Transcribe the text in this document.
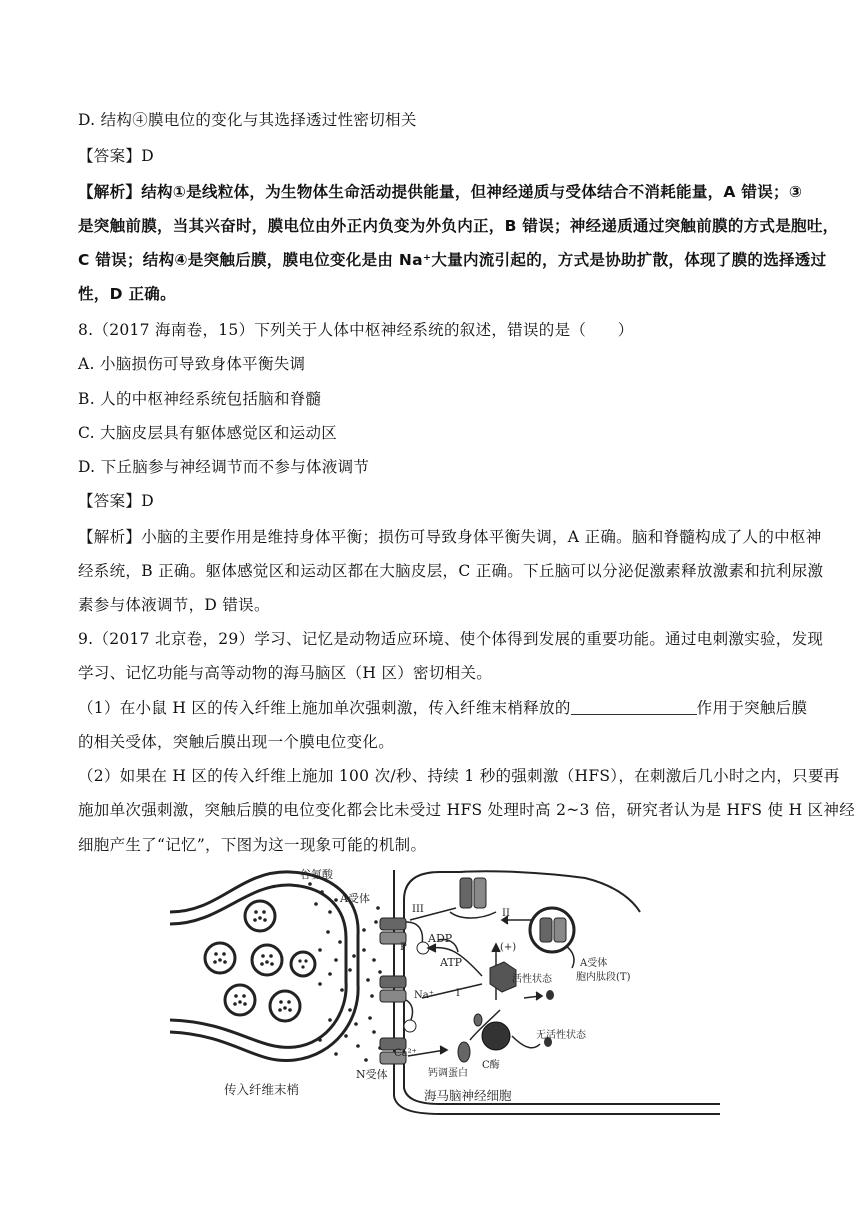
D. 结构④膜电位的变化与其选择透过性密切相关
【答案】D
【解析】结构①是线粒体，为生物体生命活动提供能量，但神经递质与受体结合不消耗能量，A 错误；③
是突触前膜，当其兴奋时，膜电位由外正内负变为外负内正，B 错误；神经递质通过突触前膜的方式是胞吐，
C 错误；结构④是突触后膜，膜电位变化是由 Na⁺大量内流引起的，方式是协助扩散，体现了膜的选择透过
性，D 正确。
8.（2017 海南卷，15）下列关于人体中枢神经系统的叙述，错误的是（　　）
A. 小脑损伤可导致身体平衡失调
B. 人的中枢神经系统包括脑和脊髓
C. 大脑皮层具有躯体感觉区和运动区
D. 下丘脑参与神经调节而不参与体液调节
【答案】D
【解析】小脑的主要作用是维持身体平衡；损伤可导致身体平衡失调，A 正确。脑和脊髓构成了人的中枢神
经系统，B 正确。躯体感觉区和运动区都在大脑皮层，C 正确。下丘脑可以分泌促激素释放激素和抗利尿激
素参与体液调节，D 错误。
9.（2017 北京卷，29）学习、记忆是动物适应环境、使个体得到发展的重要功能。通过电刺激实验，发现
学习、记忆功能与高等动物的海马脑区（H 区）密切相关。
（1）在小鼠 H 区的传入纤维上施加单次强刺激，传入纤维末梢释放的	作用于突触后膜
的相关受体，突触后膜出现一个膜电位变化。
（2）如果在 H 区的传入纤维上施加 100 次/秒、持续 1 秒的强刺激（HFS），在刺激后几小时之内，只要再
施加单次强刺激，突触后膜的电位变化都会比未受过 HFS 处理时高 2~3 倍，研究者认为是 HFS 使 H 区神经
细胞产生了“记忆”，下图为这一现象可能的机制。
谷氨酸
A受体
III	II
(+)
ADP
ATP
P
I
活性状态
Na⁺
A受体
胞内肽段(T)
无活性状态
Ca²⁺
钙调蛋白
C酶
N受体
传入纤维末梢	海马脑神经细胞
